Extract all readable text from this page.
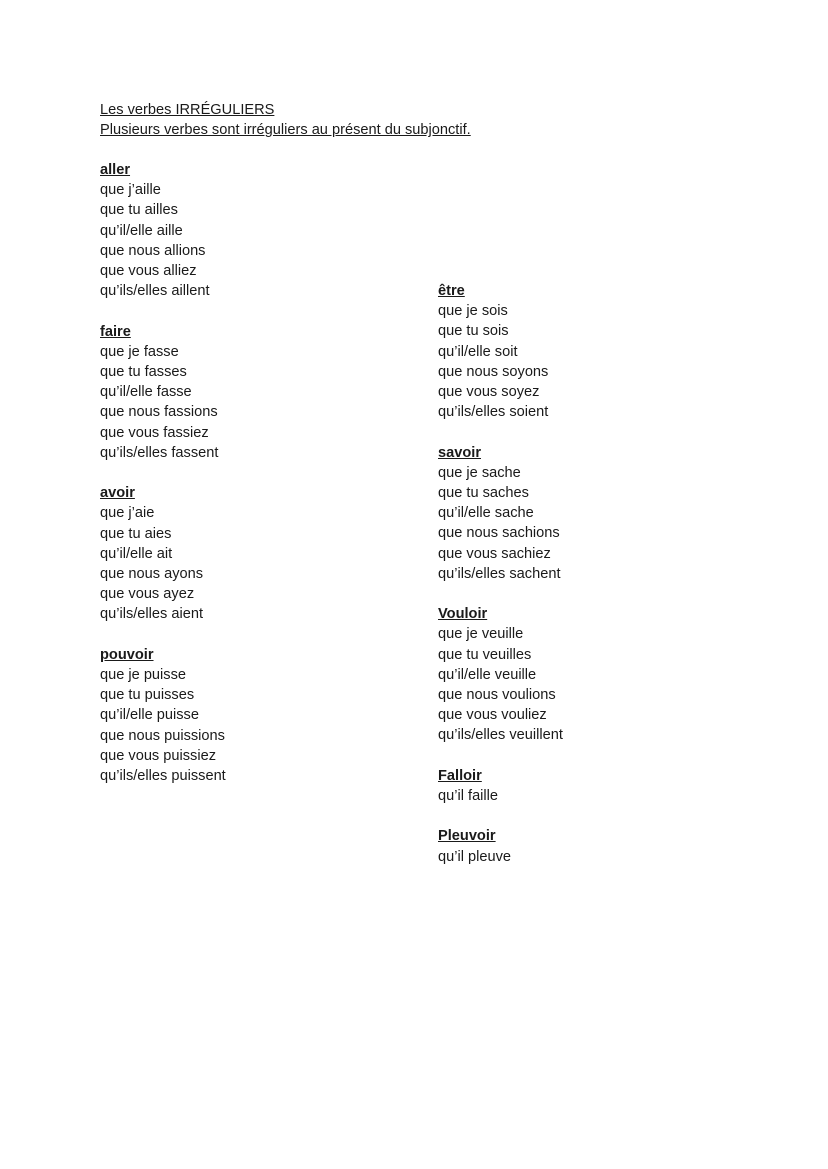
Les verbes IRRÉGULIERS
Plusieurs verbes sont irréguliers au présent du subjonctif.
aller
que j’aille
que tu ailles
qu’il/elle aille
que nous allions
que vous alliez
qu’ils/elles aillent
faire
que je fasse
que tu fasses
qu’il/elle fasse
que nous fassions
que vous fassiez
qu’ils/elles fassent
avoir
que j’aie
que tu aies
qu’il/elle ait
que nous ayons
que vous ayez
qu’ils/elles aient
pouvoir
que je puisse
que tu puisses
qu’il/elle puisse
que nous puissions
que vous puissiez
qu’ils/elles puissent
être
que je sois
que tu sois
qu’il/elle soit
que nous soyons
que vous soyez
qu’ils/elles soient
savoir
que je sache
que tu saches
qu’il/elle sache
que nous sachions
que vous sachiez
qu’ils/elles sachent
Vouloir
que je veuille
que tu veuilles
qu’il/elle veuille
que nous voulions
que vous vouliez
qu’ils/elles veuillent
Falloir
qu’il faille
Pleuvoir
qu’il pleuve
